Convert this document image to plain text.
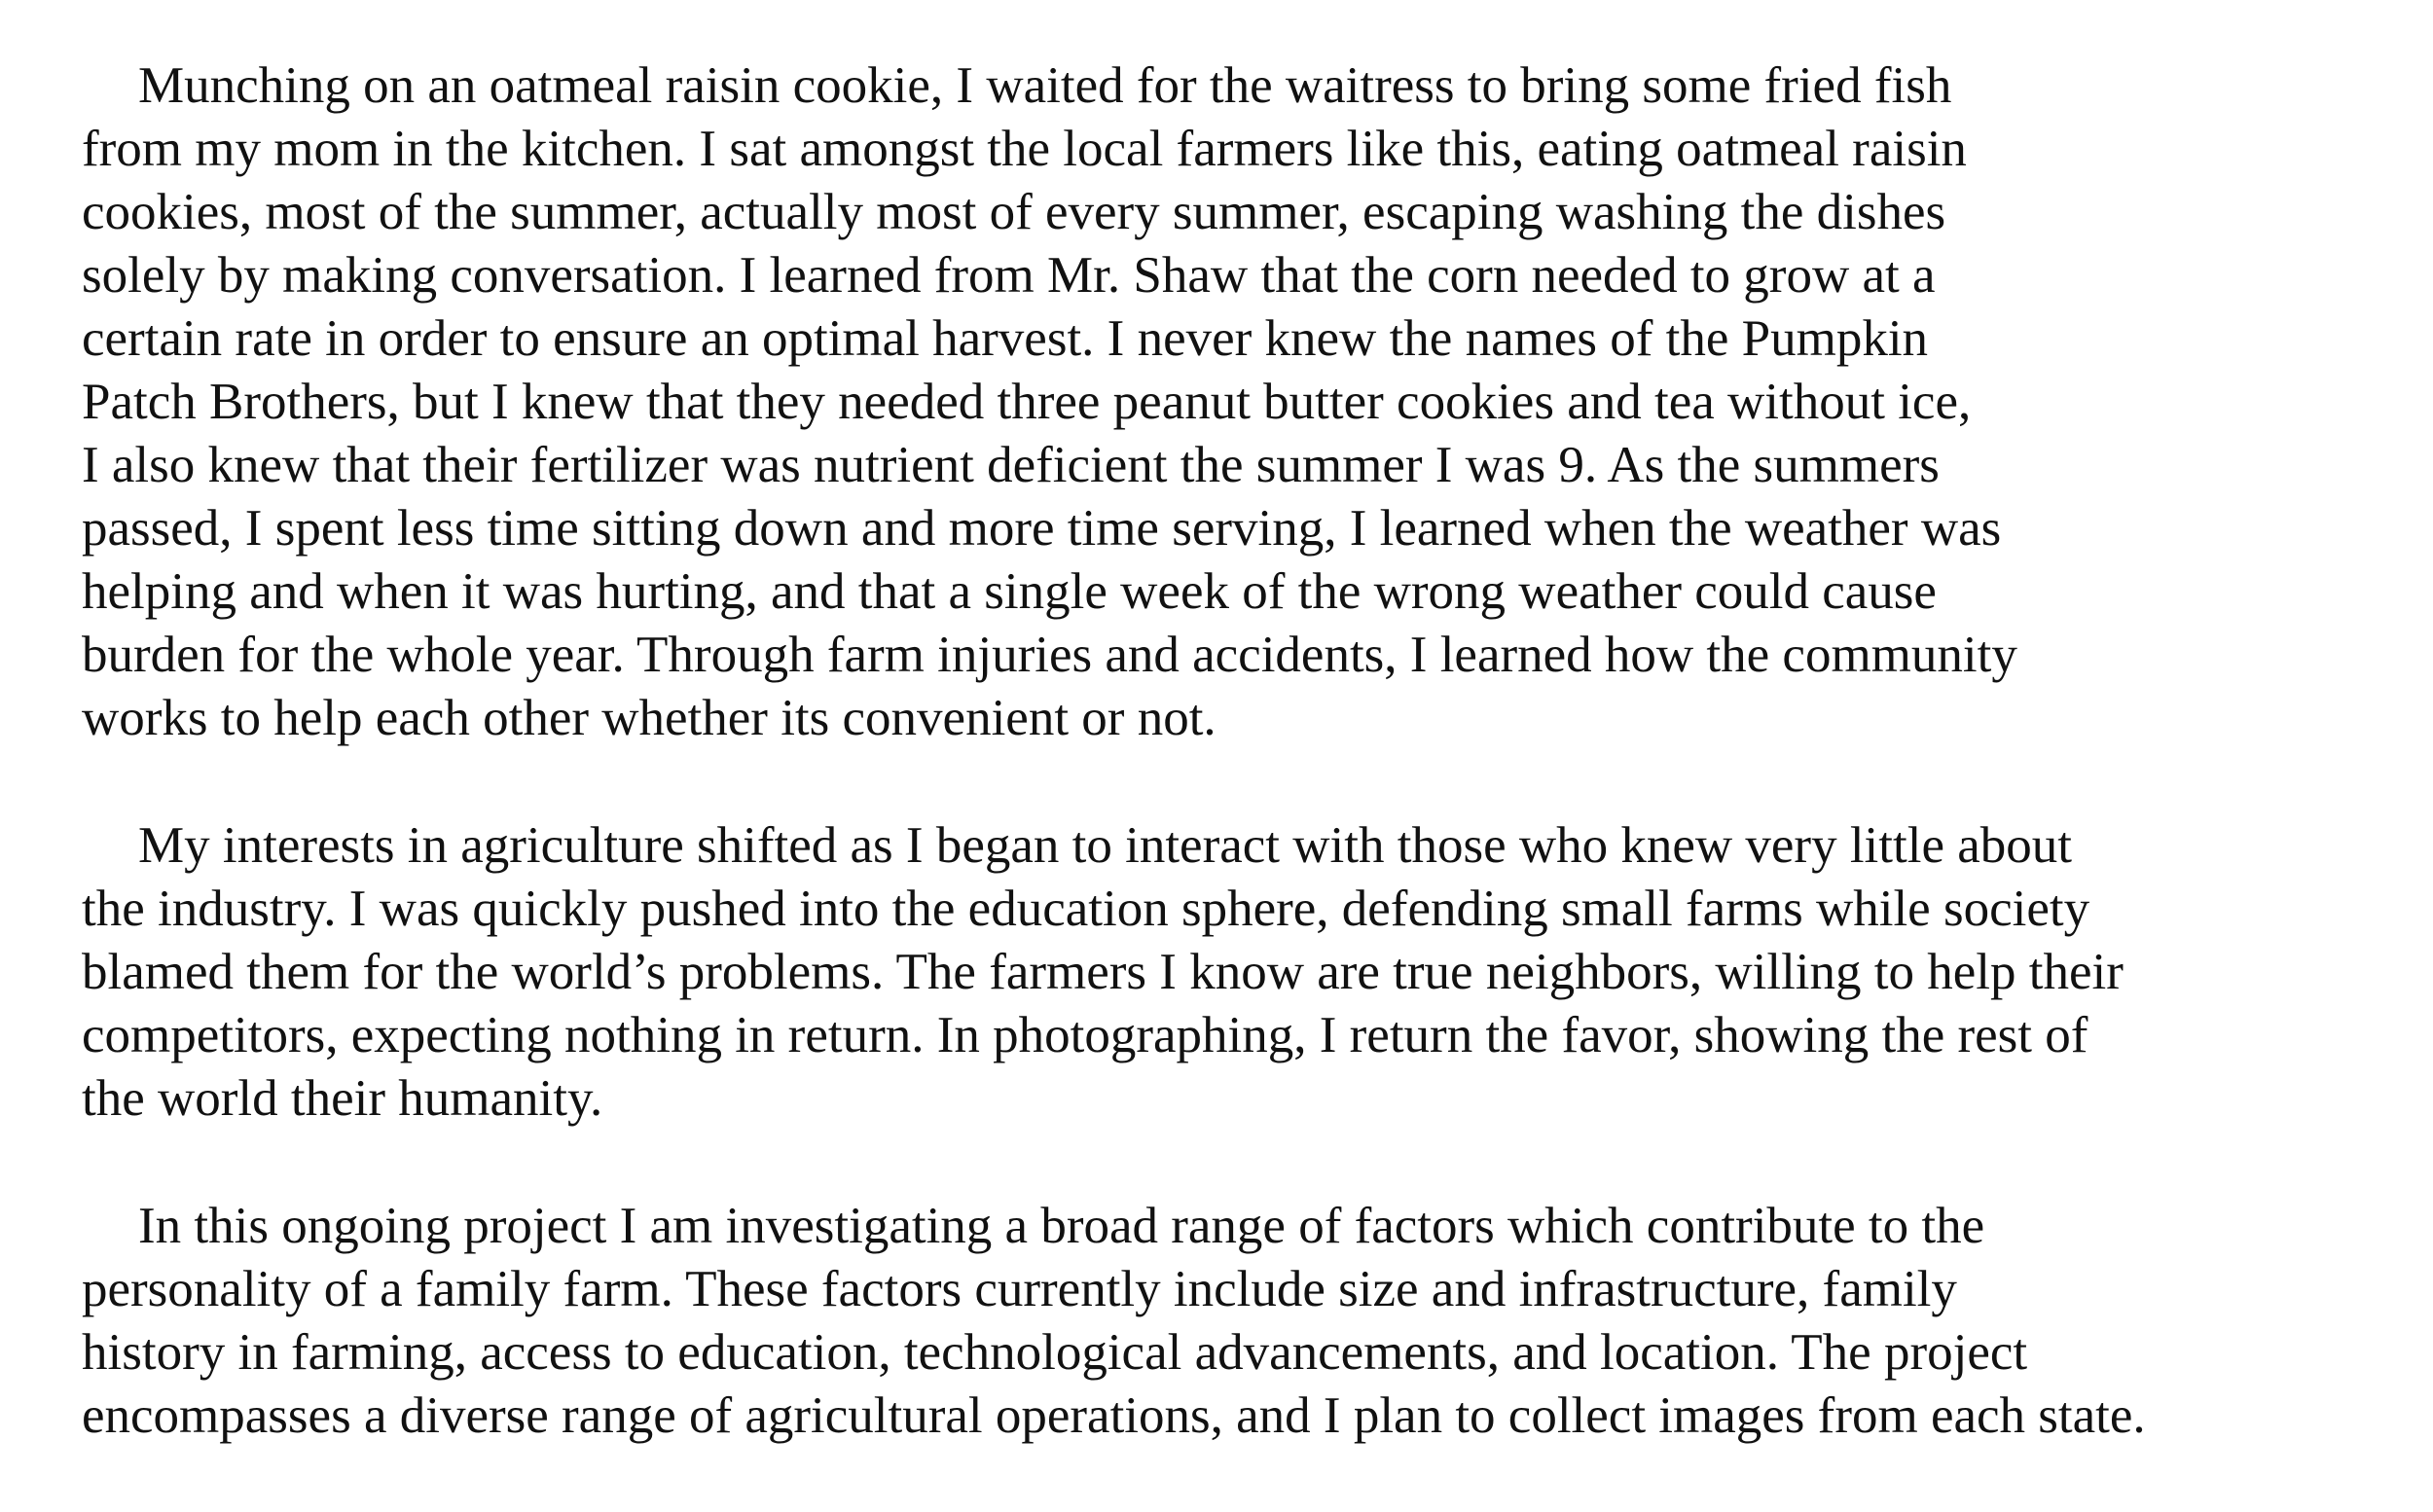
Munching on an oatmeal raisin cookie, I waited for the waitress to bring some fried fish
from my mom in the kitchen. I sat amongst the local farmers like this, eating oatmeal raisin
cookies, most of the summer, actually most of every summer, escaping washing the dishes
solely by making conversation. I learned from Mr. Shaw that the corn needed to grow at a
certain rate in order to ensure an optimal harvest. I never knew the names of the Pumpkin
Patch Brothers, but I knew that they needed three peanut butter cookies and tea without ice,
I also knew that their fertilizer was nutrient deficient the summer I was 9. As the summers
passed, I spent less time sitting down and more time serving, I learned when the weather was
helping and when it was hurting, and that a single week of the wrong weather could cause
burden for the whole year. Through farm injuries and accidents, I learned how the community
works to help each other whether its convenient or not.
My interests in agriculture shifted as I began to interact with those who knew very little about
the industry. I was quickly pushed into the education sphere, defending small farms while society
blamed them for the world’s problems. The farmers I know are true neighbors, willing to help their
competitors, expecting nothing in return. In photographing, I return the favor, showing the rest of
the world their humanity.
In this ongoing project I am investigating a broad range of factors which contribute to the
personality of a family farm. These factors currently include size and infrastructure, family
history in farming, access to education, technological advancements, and location. The project
encompasses a diverse range of agricultural operations, and I plan to collect images from each state.
